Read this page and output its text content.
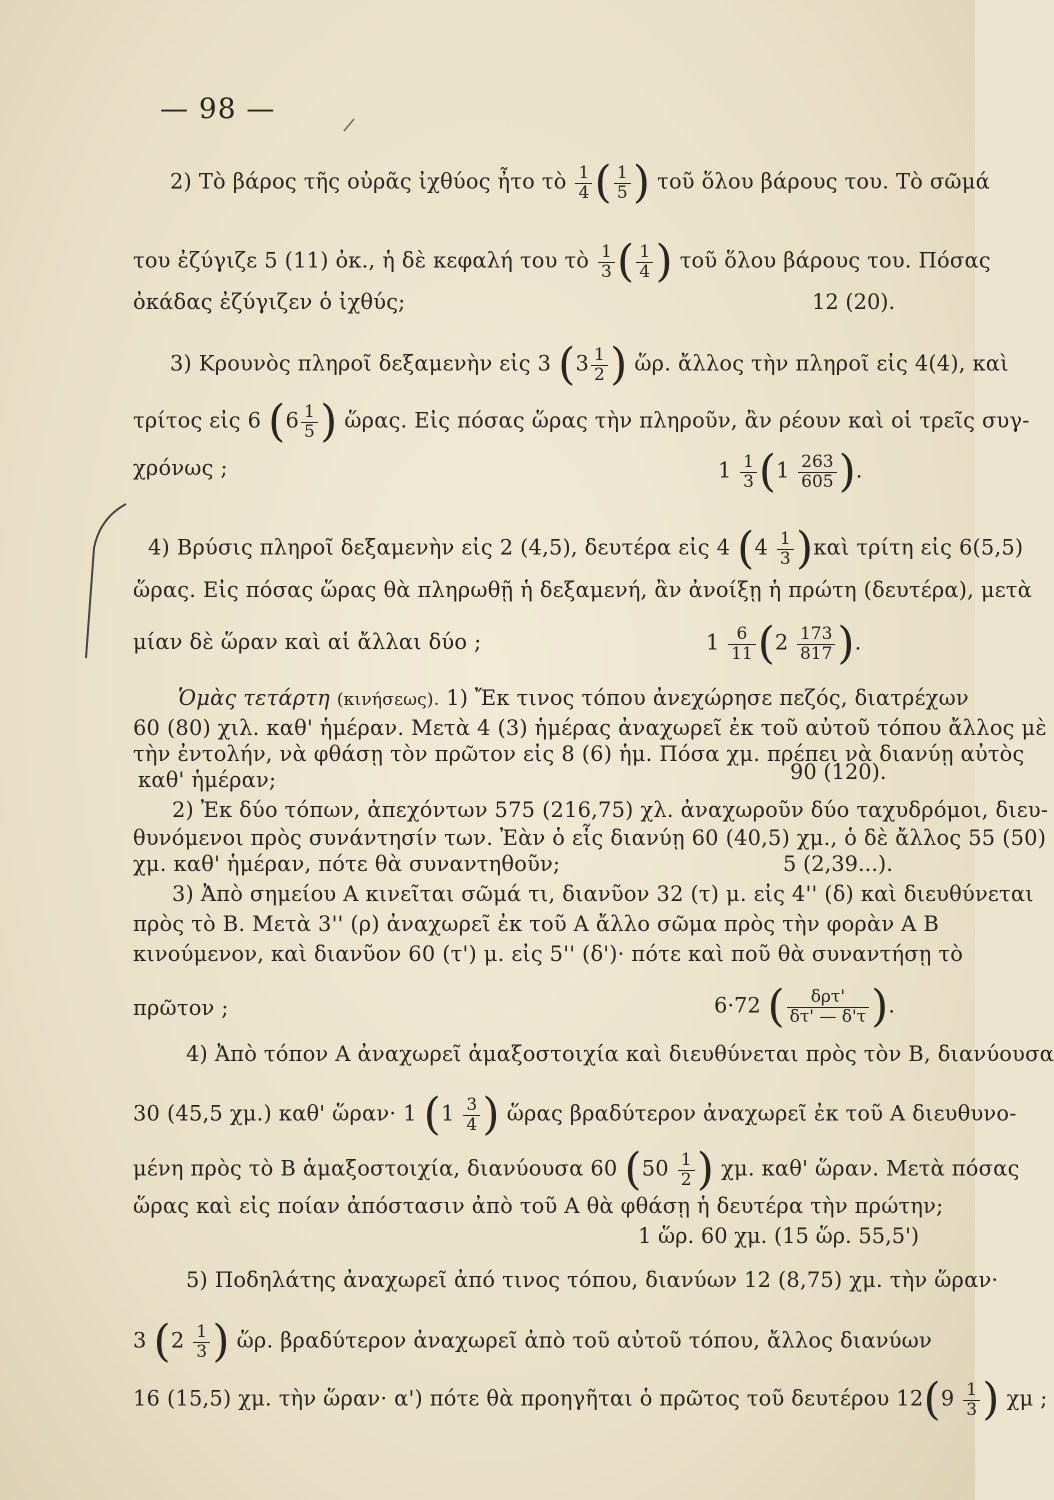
— 98 —
2) Τὸ βάρος τῆς οὐρᾶς ἰχθύος ἦτο τὸ $\frac{1}{4}$ ( $\frac{1}{5}$ ) τοῦ ὅλου βάρους του. Τὸ σῶμά
του ἐζύγιζε 5 (11) ὀκ., ἡ δὲ κεφαλή του τὸ $\frac{1}{3}$ ( $\frac{1}{4}$ ) τοῦ ὅλου βάρους του. Πόσας
ὀκάδας ἐζύγιζεν ὁ ἰχθύς;	12 (20).
3) Κρουνὸς πληροῖ δεξαμενὴν εἰς 3 ($3 \frac{1}{2}$ ) ὥρ. ἄλλος τὴν πληροῖ εἰς 4(4), καὶ
τρίτος εἰς 6 ($6 \frac{1}{5}$ ) ὥρας. Εἰς πόσας ὥρας τὴν πληροῦν, ἂν ρέουν καὶ οἱ τρεῖς συγ-
χρόνως ;	$1 \frac{1}{3} (1 \frac{263}{605}$ ).
4) Βρύσις πληροῖ δεξαμενὴν εἰς 2 (4,5), δευτέρα εἰς 4 ($4 \frac{1}{3}$ )καὶ τρίτη εἰς 6(5,5)
ὥρας. Εἰς πόσας ὥρας θὰ πληρωθῇ ἡ δεξαμενή, ἂν ἀνοίξῃ ἡ πρώτη (δευτέρα), μετὰ
μίαν δὲ ὥραν καὶ αἱ ἄλλαι δύο ;	$1 \frac{6}{11} (2 \frac{173}{817}$ ).
Ὁμὰς τετάρτη (κινήσεως). 1) Ἔκ τινος τόπου ἀνεχώρησε πεζός, διατρέχων
60 (80) χιλ. καθ' ἡμέραν. Μετὰ 4 (3) ἡμέρας ἀναχωρεῖ ἐκ τοῦ αὐτοῦ τόπου ἄλλος μὲ
τὴν ἐντολήν, νὰ φθάσῃ τὸν πρῶτον εἰς 8 (6) ἡμ. Πόσα χμ. πρέπει νὰ διανύῃ αὐτὸς
καθ' ἡμέραν;	90 (120).
2) Ἐκ δύο τόπων, ἀπεχόντων 575 (216,75) χλ. ἀναχωροῦν δύο ταχυδρόμοι, διευ-
θυνόμενοι πρὸς συνάντησίν των. Ἐὰν ὁ εἷς διανύῃ 60 (40,5) χμ., ὁ δὲ ἄλλος 55 (50)
χμ. καθ' ἡμέραν, πότε θὰ συναντηθοῦν;	5 (2,39...).
3) Ἀπὸ σημείου Α κινεῖται σῶμά τι, διανῦον 32 (τ) μ. εἰς 4'' (δ) καὶ διευθύνεται
πρὸς τὸ Β. Μετὰ 3'' (ρ) ἀναχωρεῖ ἐκ τοῦ Α ἄλλο σῶμα πρὸς τὴν φορὰν Α Β
κινούμενον, καὶ διανῦον 60 (τ') μ. εἰς 5'' (δ')· πότε καὶ ποῦ θὰ συναντήσῃ τὸ
πρῶτον ;	6·72 ( $\frac{\text{δρτ'}}{\delta\tau' — \delta'\tau}$ ).
4) Ἀπὸ τόπον Α ἀναχωρεῖ ἁμαξοστοιχία καὶ διευθύνεται πρὸς τὸν Β, διανύουσα
30 (45,5 χμ.) καθ' ὥραν· 1 ($1 \frac{3}{4}$ ) ὥρας βραδύτερον ἀναχωρεῖ ἐκ τοῦ Α διευθυνο-
μένη πρὸς τὸ Β ἁμαξοστοιχία, διανύουσα 60 ($50 \frac{1}{2}$ ) χμ. καθ' ὥραν. Μετὰ πόσας
ὥρας καὶ εἰς ποίαν ἀπόστασιν ἀπὸ τοῦ Α θὰ φθάσῃ ἡ δευτέρα τὴν πρώτην;
1 ὥρ. 60 χμ. (15 ὥρ. 55,5')
5) Ποδηλάτης ἀναχωρεῖ ἀπό τινος τόπου, διανύων 12 (8,75) χμ. τὴν ὥραν·
3 ($2 \frac{1}{3}$ ) ὥρ. βραδύτερον ἀναχωρεῖ ἀπὸ τοῦ αὐτοῦ τόπου, ἄλλος διανύων
16 (15,5) χμ. τὴν ὥραν· α') πότε θὰ προηγῆται ὁ πρῶτος τοῦ δευτέρου $12(9 \frac{1}{3}$ ) χμ ;
